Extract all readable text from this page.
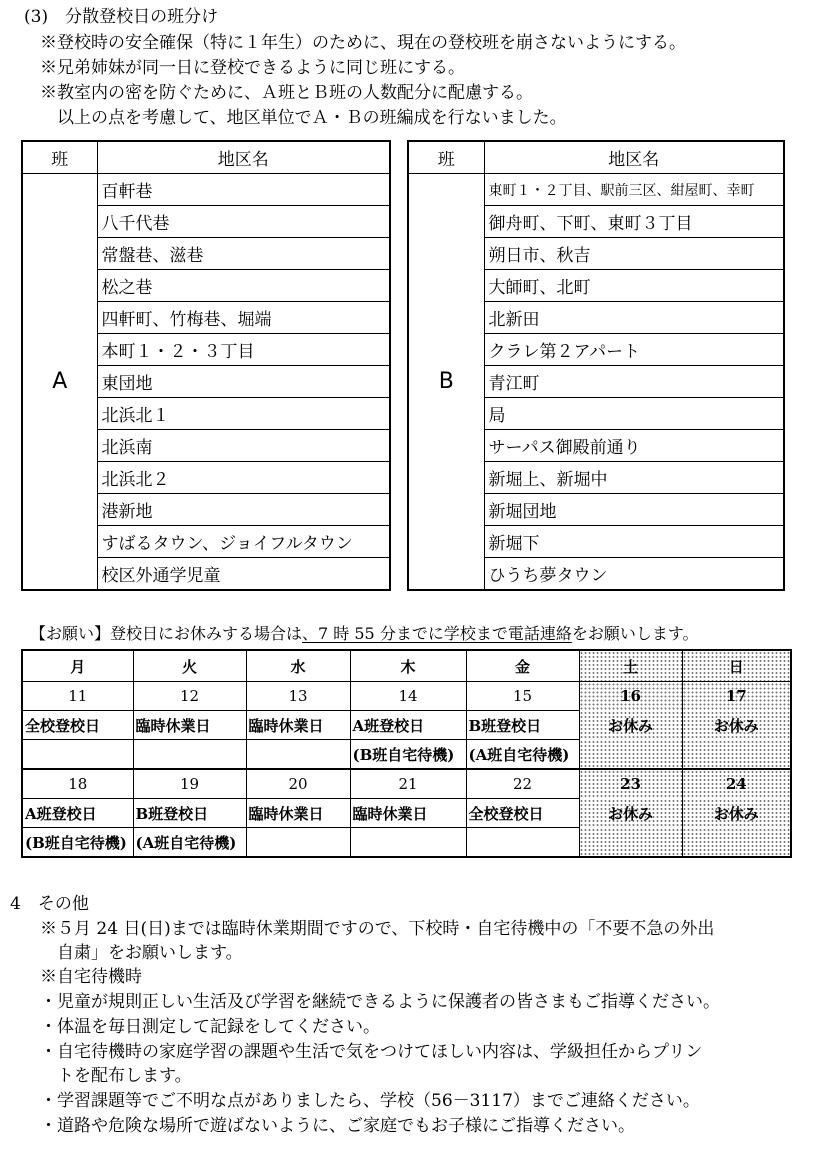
(3)　分散登校日の班分け
※登校時の安全確保（特に１年生）のために、現在の登校班を崩さないようにする。
※兄弟姉妹が同一日に登校できるように同じ班にする。
※教室内の密を防ぐために、Ａ班とＢ班の人数配分に配慮する。
　以上の点を考慮して、地区単位でＡ・Ｂの班編成を行ないました。
班	地区名
A	百軒巷
	八千代巷
	常盤巷、滋巷
	松之巷
	四軒町、竹梅巷、堀端
	本町１・２・３丁目
	東団地
	北浜北１
	北浜南
	北浜北２
	港新地
	すばるタウン、ジョイフルタウン
	校区外通学児童
班	地区名
B	東町１・２丁目、駅前三区、紺屋町、幸町
	御舟町、下町、東町３丁目
	朔日市、秋吉
	大師町、北町
	北新田
	クラレ第２アパート
	青江町
	局
	サーパス御殿前通り
	新堀上、新堀中
	新堀団地
	新堀下
	ひうち夢タウン
【お願い】登校日にお休みする場合は、7 時 55 分までに学校まで電話連絡をお願いします。
月	火	水	木	金	土	日
11	12	13	14	15	16	17
全校登校日	臨時休業日	臨時休業日	A班登校日	B班登校日	お休み	お休み
			(B班自宅待機)	(A班自宅待機)		
18	19	20	21	22	23	24
A班登校日	B班登校日	臨時休業日	臨時休業日	全校登校日	お休み	お休み
(B班自宅待機)	(A班自宅待機)					
4　その他
※５月 24 日(日)までは臨時休業期間ですので、下校時・自宅待機中の「不要不急の外出
　自粛」をお願いします。
※自宅待機時
・児童が規則正しい生活及び学習を継続できるように保護者の皆さまもご指導ください。
・体温を毎日測定して記録をしてください。
・自宅待機時の家庭学習の課題や生活で気をつけてほしい内容は、学級担任からプリン
　トを配布します。
・学習課題等でご不明な点がありましたら、学校（56－3117）までご連絡ください。
・道路や危険な場所で遊ばないように、ご家庭でもお子様にご指導ください。
